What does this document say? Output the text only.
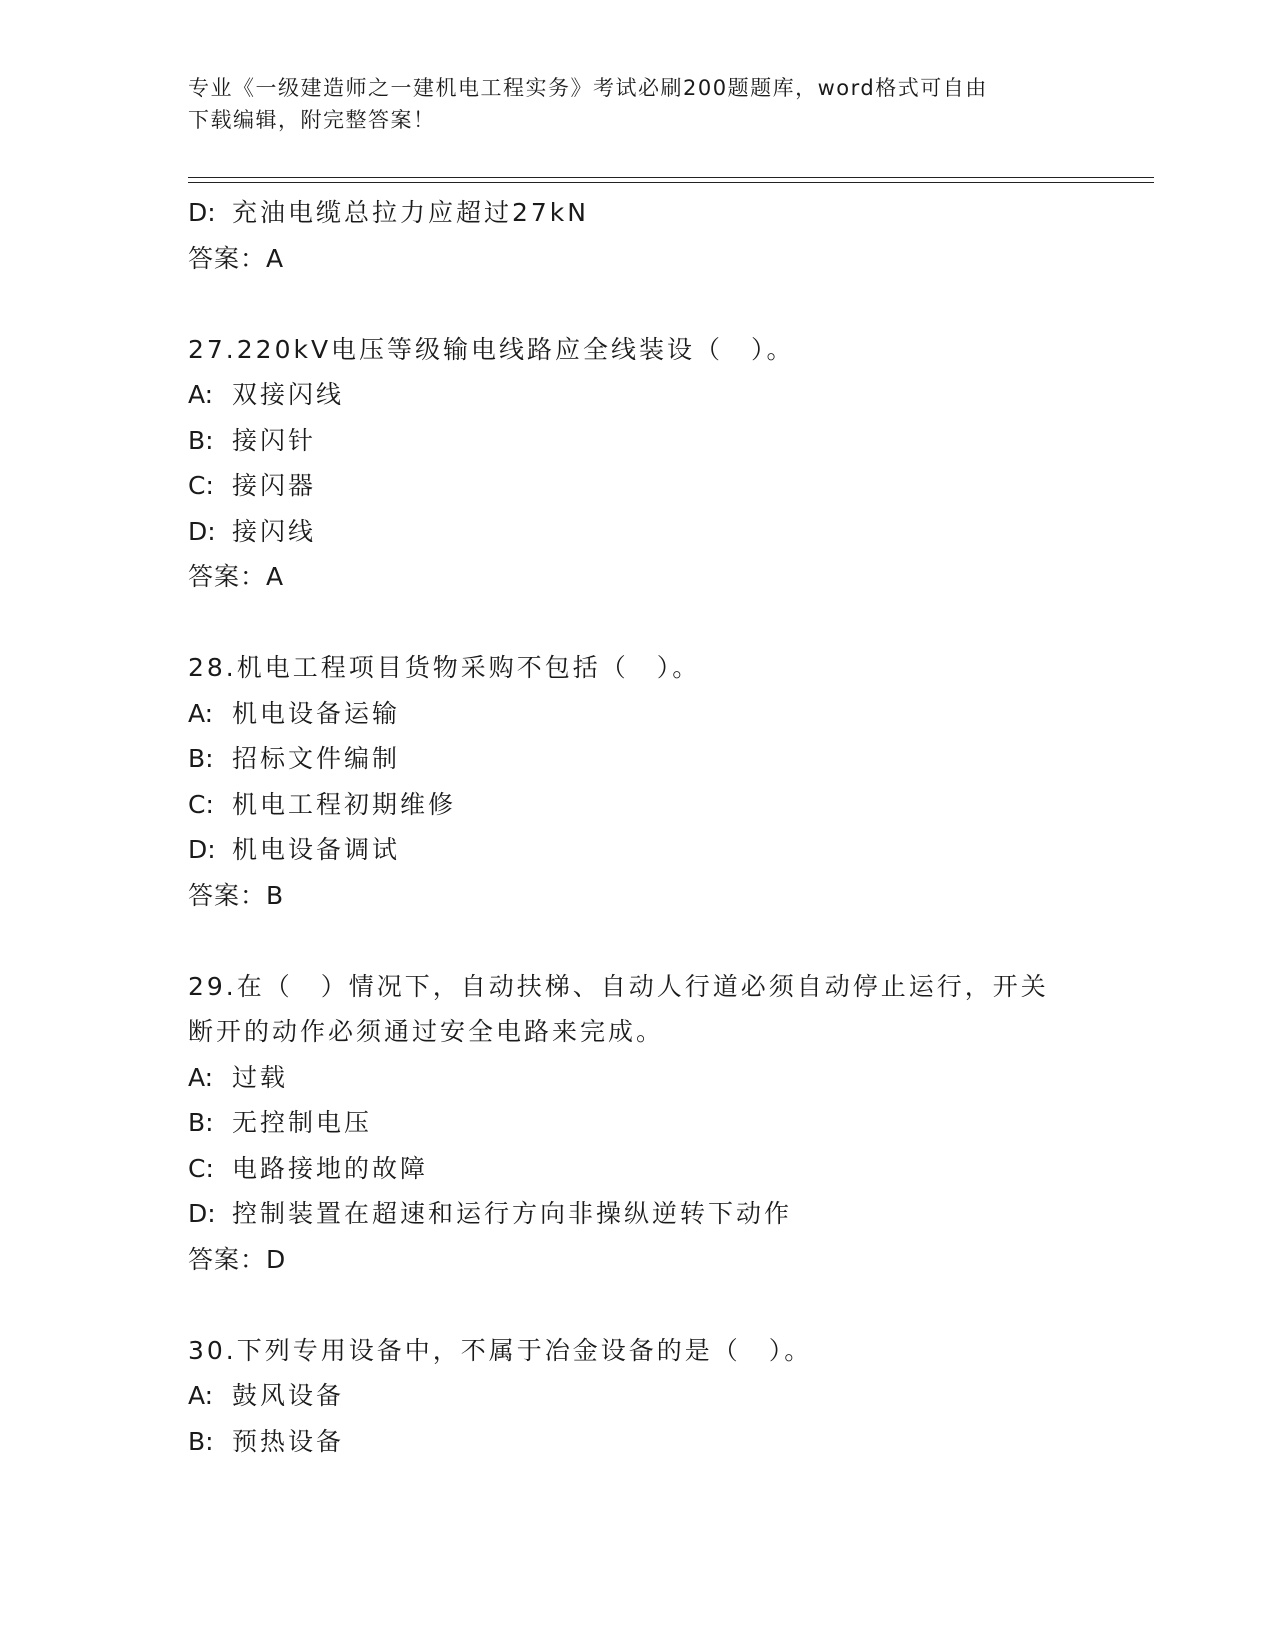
专业《一级建造师之一建机电工程实务》考试必刷200题题库，word格式可自由
下载编辑，附完整答案！
D: 充油电缆总拉力应超过27kN
答案：A
27.220kV电压等级输电线路应全线装设（　）。
A: 双接闪线
B: 接闪针
C: 接闪器
D: 接闪线
答案：A
28.机电工程项目货物采购不包括（　）。
A: 机电设备运输
B: 招标文件编制
C: 机电工程初期维修
D: 机电设备调试
答案：B
29.在（　）情况下，自动扶梯、自动人行道必须自动停止运行，开关
断开的动作必须通过安全电路来完成。
A: 过载
B: 无控制电压
C: 电路接地的故障
D: 控制装置在超速和运行方向非操纵逆转下动作
答案：D
30.下列专用设备中，不属于冶金设备的是（　）。
A: 鼓风设备
B: 预热设备
